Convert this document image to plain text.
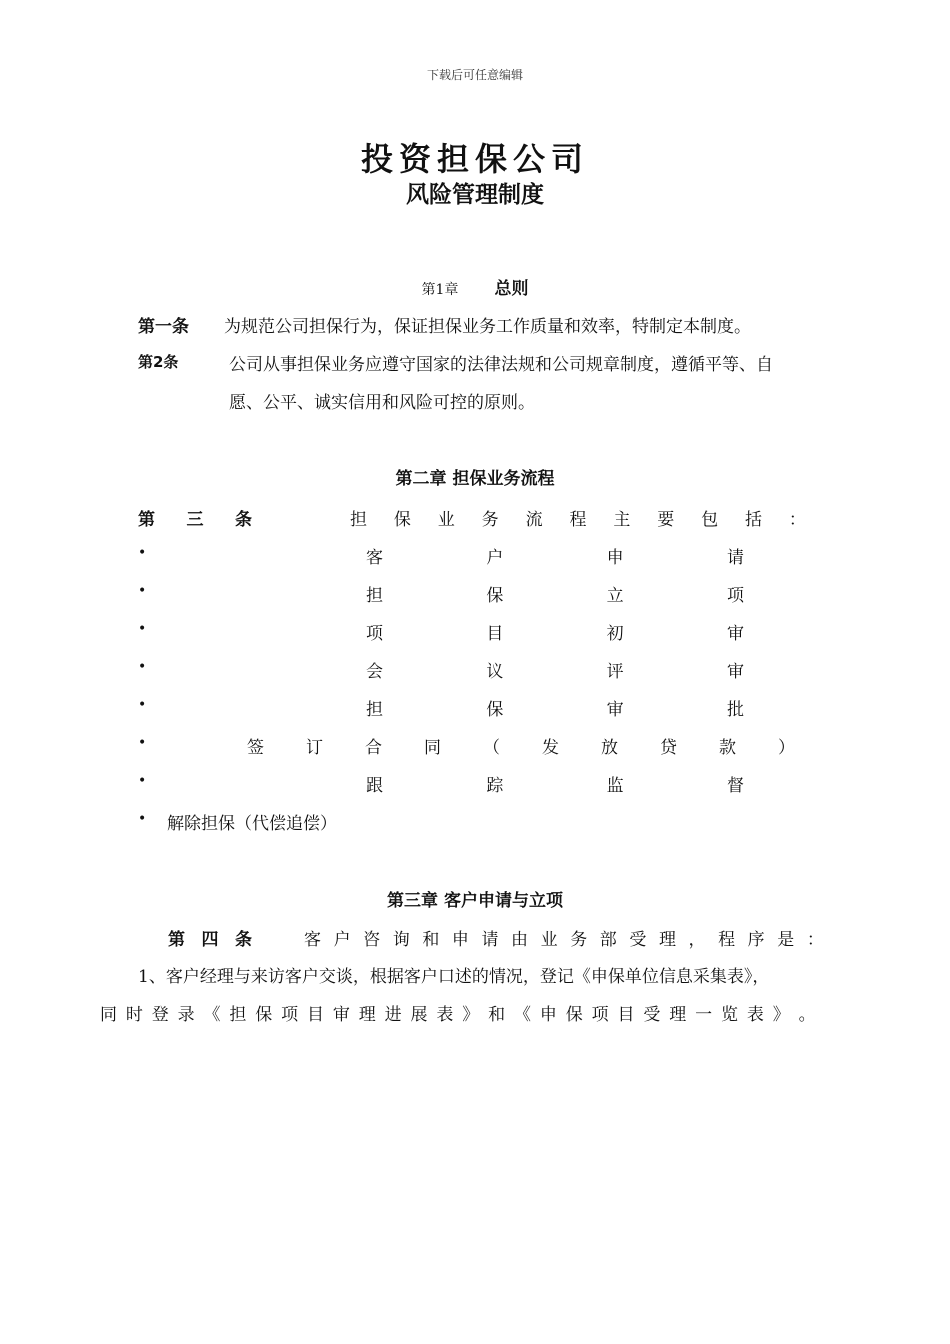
下载后可任意编辑
投资担保公司
风险管理制度
第1章 总则
第一条 为规范公司担保行为，保证担保业务工作质量和效率，特制定本制度。
第2条	公司从事担保业务应遵守国家的法律法规和公司规章制度，遵循平等、自
愿、公平、诚实信用和风险可控的原则。
第二章 担保业务流程
第 三 条	担 保 业 务 流 程 主 要 包 括 ：
•	客	户	申	请
•	担	保	立	项
•	项	目	初	审
•	会	议	评	审
•	担	保	审	批
•	签 订 合 同 （ 发 放 贷 款 ）
•	跟	踪	监	督
• 解除担保（代偿追偿）
第三章 客户申请与立项
第 四 条	客 户 咨 询 和 申 请 由 业 务 部 受 理 ， 程 序 是 ：
1、客户经理与来访客户交谈，根据客户口述的情况，登记《申保单位信息采集表》，
同 时 登 录 《 担 保 项 目 审 理 进 展 表 》 和 《 申 保 项 目 受 理 一 览 表 》 。
